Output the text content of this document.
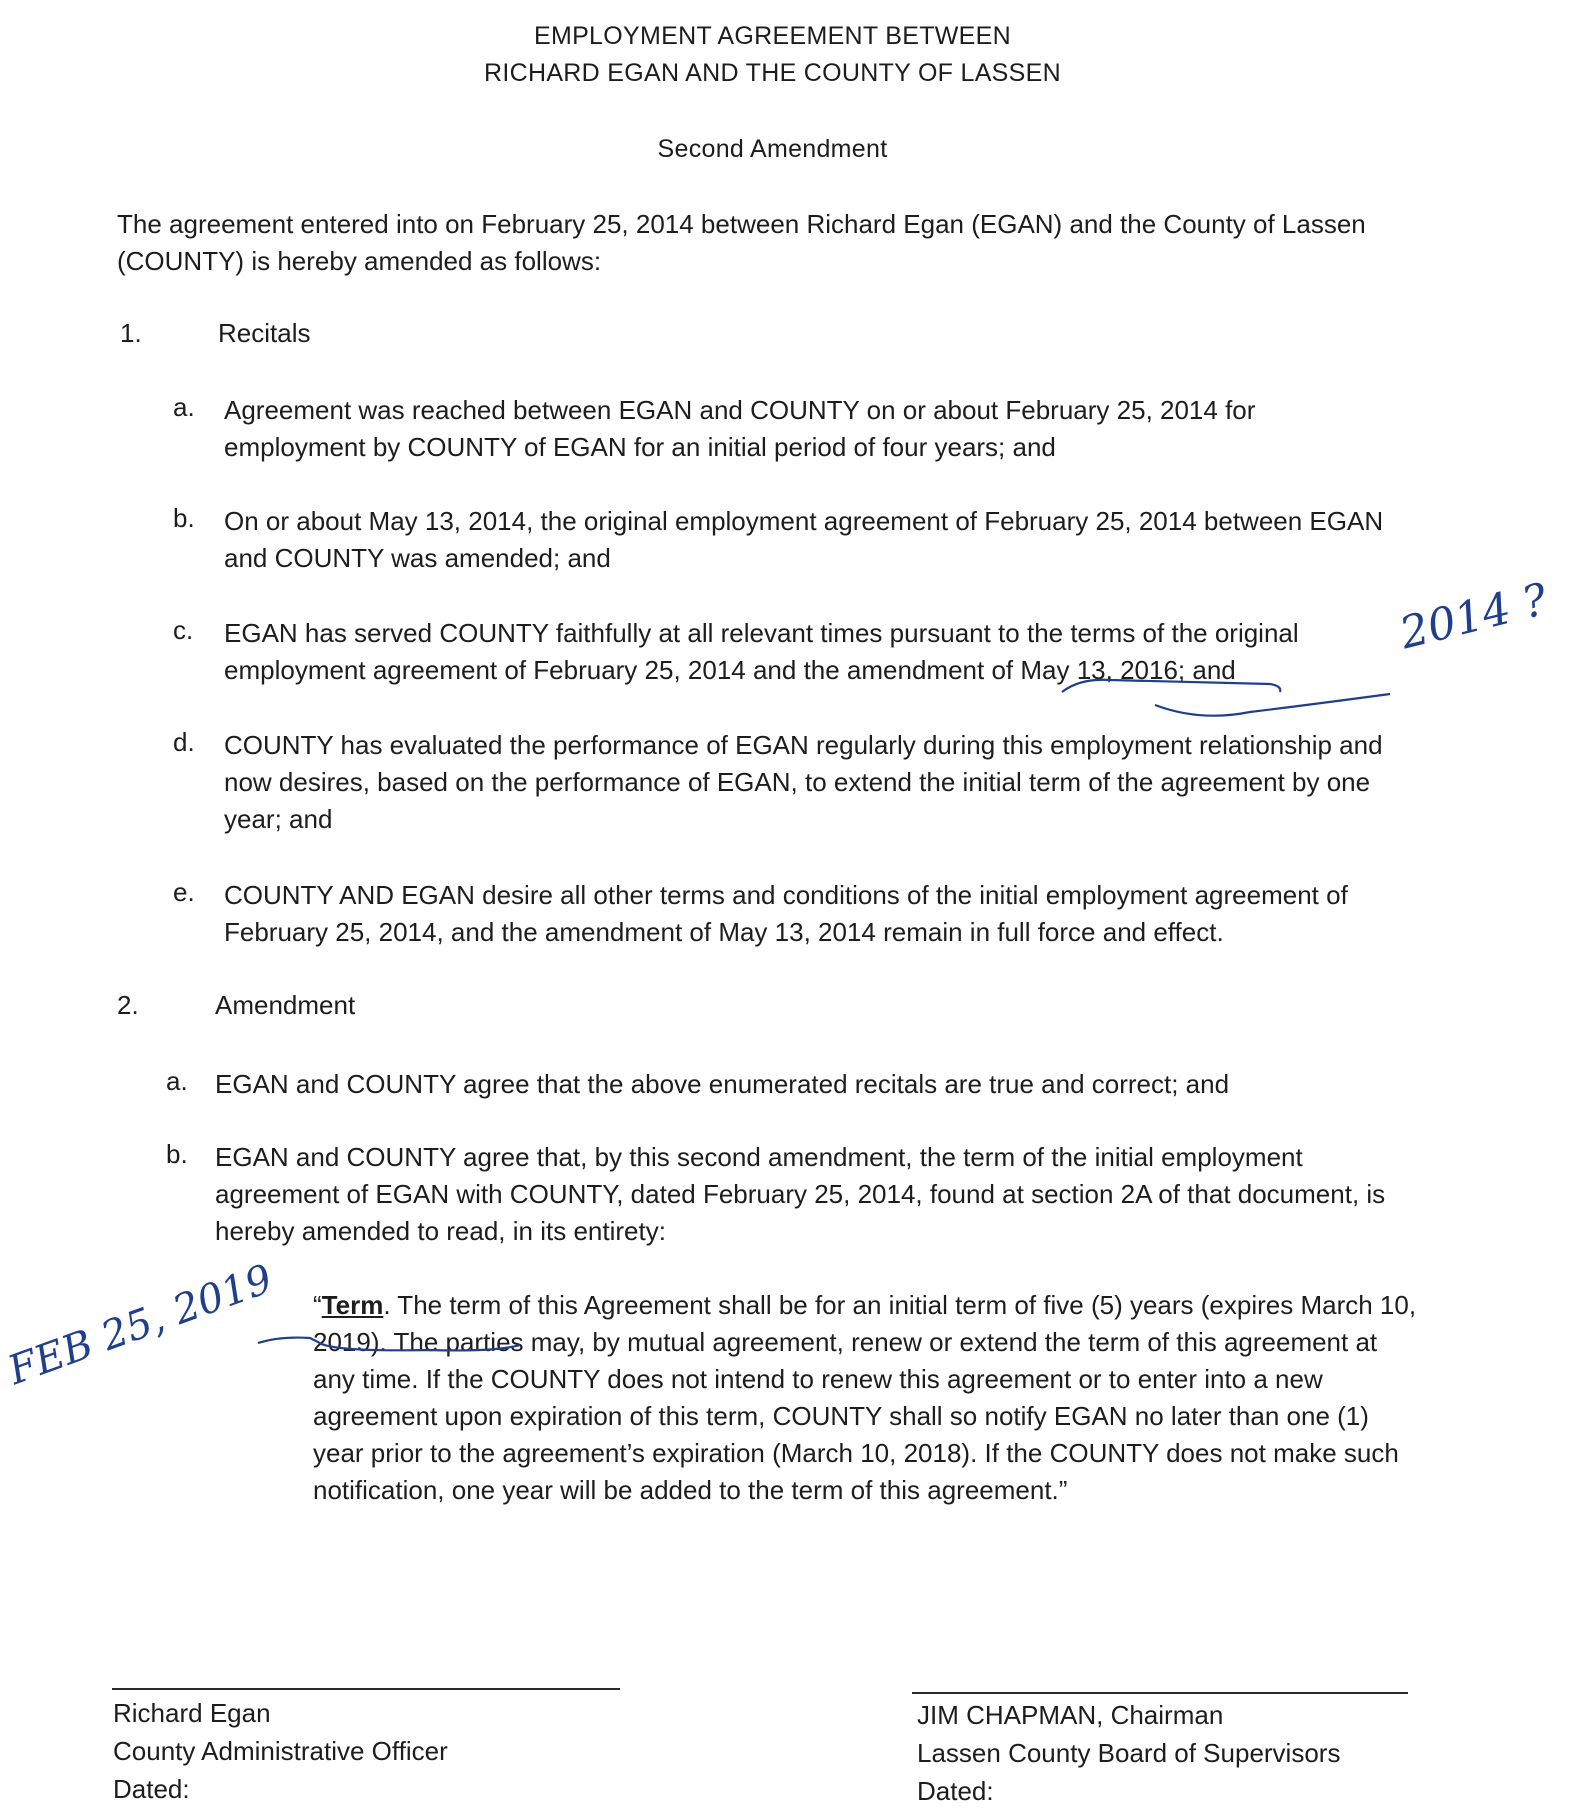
EMPLOYMENT AGREEMENT BETWEEN
RICHARD EGAN AND THE COUNTY OF LASSEN
Second Amendment
The agreement entered into on February 25, 2014 between Richard Egan (EGAN) and the County of Lassen (COUNTY) is hereby amended as follows:
1.	Recitals
a. Agreement was reached between EGAN and COUNTY on or about February 25, 2014 for employment by COUNTY of EGAN for an initial period of four years; and
b. On or about May 13, 2014, the original employment agreement of February 25, 2014 between EGAN and COUNTY was amended; and
c. EGAN has served COUNTY faithfully at all relevant times pursuant to the terms of the original employment agreement of February 25, 2014 and the amendment of May 13, 2016; and
d. COUNTY has evaluated the performance of EGAN regularly during this employment relationship and now desires, based on the performance of EGAN, to extend the initial term of the agreement by one year; and
e. COUNTY AND EGAN desire all other terms and conditions of the initial employment agreement of February 25, 2014, and the amendment of May 13, 2014 remain in full force and effect.
2.	Amendment
a. EGAN and COUNTY agree that the above enumerated recitals are true and correct; and
b. EGAN and COUNTY agree that, by this second amendment, the term of the initial employment agreement of EGAN with COUNTY, dated February 25, 2014, found at section 2A of that document, is hereby amended to read, in its entirety:
“Term. The term of this Agreement shall be for an initial term of five (5) years (expires March 10, 2019). The parties may, by mutual agreement, renew or extend the term of this agreement at any time. If the COUNTY does not intend to renew this agreement or to enter into a new agreement upon expiration of this term, COUNTY shall so notify EGAN no later than one (1) year prior to the agreement’s expiration (March 10, 2018). If the COUNTY does not make such notification, one year will be added to the term of this agreement.”
Richard Egan
County Administrative Officer
Dated:
JIM CHAPMAN, Chairman
Lassen County Board of Supervisors
Dated:
2014 ?
FEB 25, 2019
